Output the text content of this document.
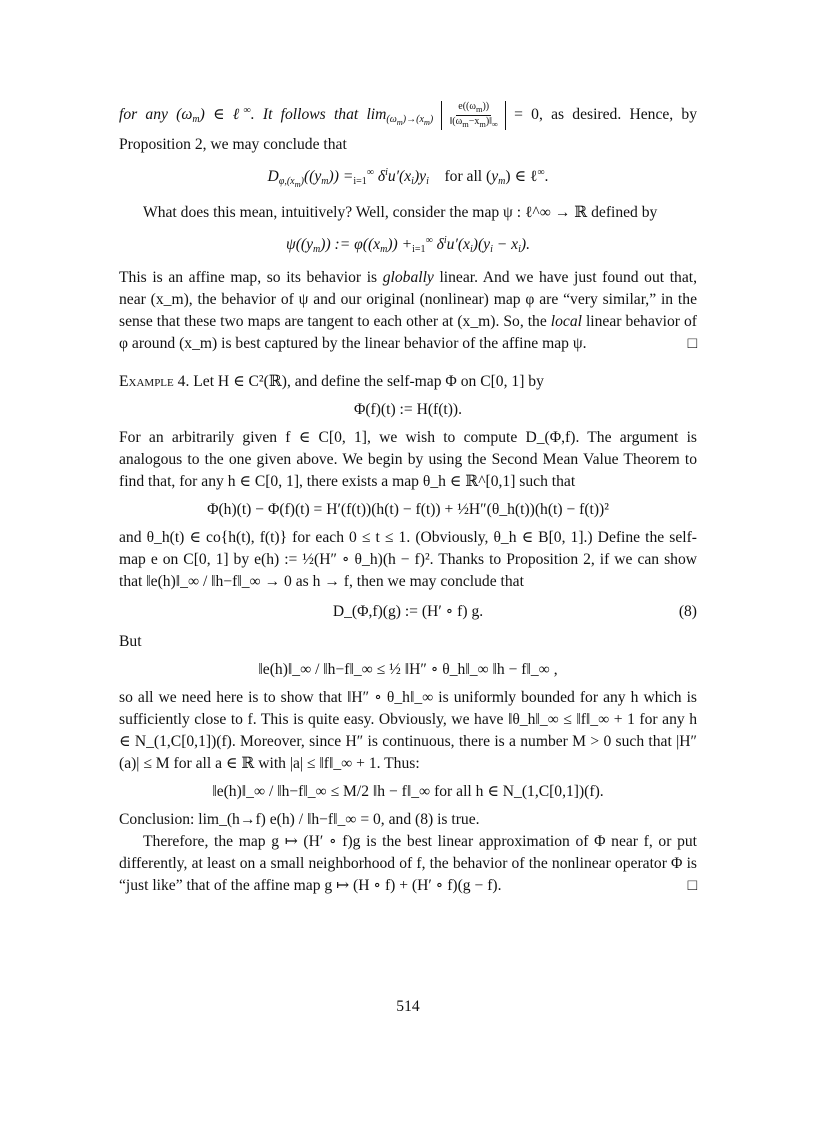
for any $(\omega_m)$ ∈ ℓ∞. It follows that $\lim_{(\omega_m)\to(x_m)} \frac{e((\omega_m))}{‖(\omega_m-x_m)‖_\infty} = 0$, as desired. Hence, by Proposition 2, we may conclude that

$D_{\varphi,(x_m)}((y_m)) =_{i=1}^\infty$ $\delta^iu'(x_i)y_i$    for all $(y_m)$ ∈ ℓ∞.

What does this mean, intuitively? Well, consider the map ψ : ℓ^∞ → ℝ defined by

$\psi((y_m))$ := $\varphi((x_m)) +_{i=1}^\infty$ $\delta^iu'(x_i)(y_i - x_i)$.

This is an affine map, so its behavior is globally linear. And we have just found out that, near (x_m), the behavior of ψ and our original (nonlinear) map φ are “very similar,” in the sense that these two maps are tangent to each other at (x_m). So, the local linear behavior of φ around (x_m) is best captured by the linear behavior of the affine map ψ.	□

Example 4. Let H ∈ C²(ℝ), and define the self-map Φ on C[0, 1] by

Φ(f)(t) := H(f(t)).

For an arbitrarily given f ∈ C[0, 1], we wish to compute D_(Φ,f). The argument is analogous to the one given above. We begin by using the Second Mean Value Theorem to find that, for any h ∈ C[0, 1], there exists a map θ_h ∈ ℝ^[0,1] such that

Φ(h)(t) − Φ(f)(t) = H′(f(t))(h(t) − f(t)) + ½H″(θ_h(t))(h(t) − f(t))²

and θ_h(t) ∈ co{h(t), f(t)} for each 0 ≤ t ≤ 1. (Obviously, θ_h ∈ B[0, 1].) Define the self-map e on C[0, 1] by e(h) := ½(H″ ∘ θ_h)(h − f)². Thanks to Proposition 2, if we can show that ‖e(h)‖_∞ / ‖h−f‖_∞ → 0 as h → f, then we may conclude that

D_(Φ,f)(g) := (H′ ∘ f) g.	(8)

But

‖e(h)‖_∞ / ‖h−f‖_∞ ≤ ½ ‖H″ ∘ θ_h‖_∞ ‖h − f‖_∞ ,

so all we need here is to show that ‖H″ ∘ θ_h‖_∞ is uniformly bounded for any h which is sufficiently close to f. This is quite easy. Obviously, we have ‖θ_h‖_∞ ≤ ‖f‖_∞ + 1 for any h ∈ N_(1,C[0,1])(f). Moreover, since H″ is continuous, there is a number M > 0 such that |H″(a)| ≤ M for all a ∈ ℝ with |a| ≤ ‖f‖_∞ + 1. Thus:

‖e(h)‖_∞ / ‖h−f‖_∞ ≤ M/2 ‖h − f‖_∞ for all h ∈ N_(1,C[0,1])(f).

Conclusion: lim_(h→f) e(h) / ‖h−f‖_∞ = 0, and (8) is true.

Therefore, the map g ↦ (H′ ∘ f)g is the best linear approximation of Φ near f, or put differently, at least on a small neighborhood of f, the behavior of the nonlinear operator Φ is “just like” that of the affine map g ↦ (H ∘ f) + (H′ ∘ f)(g − f).	□

514
